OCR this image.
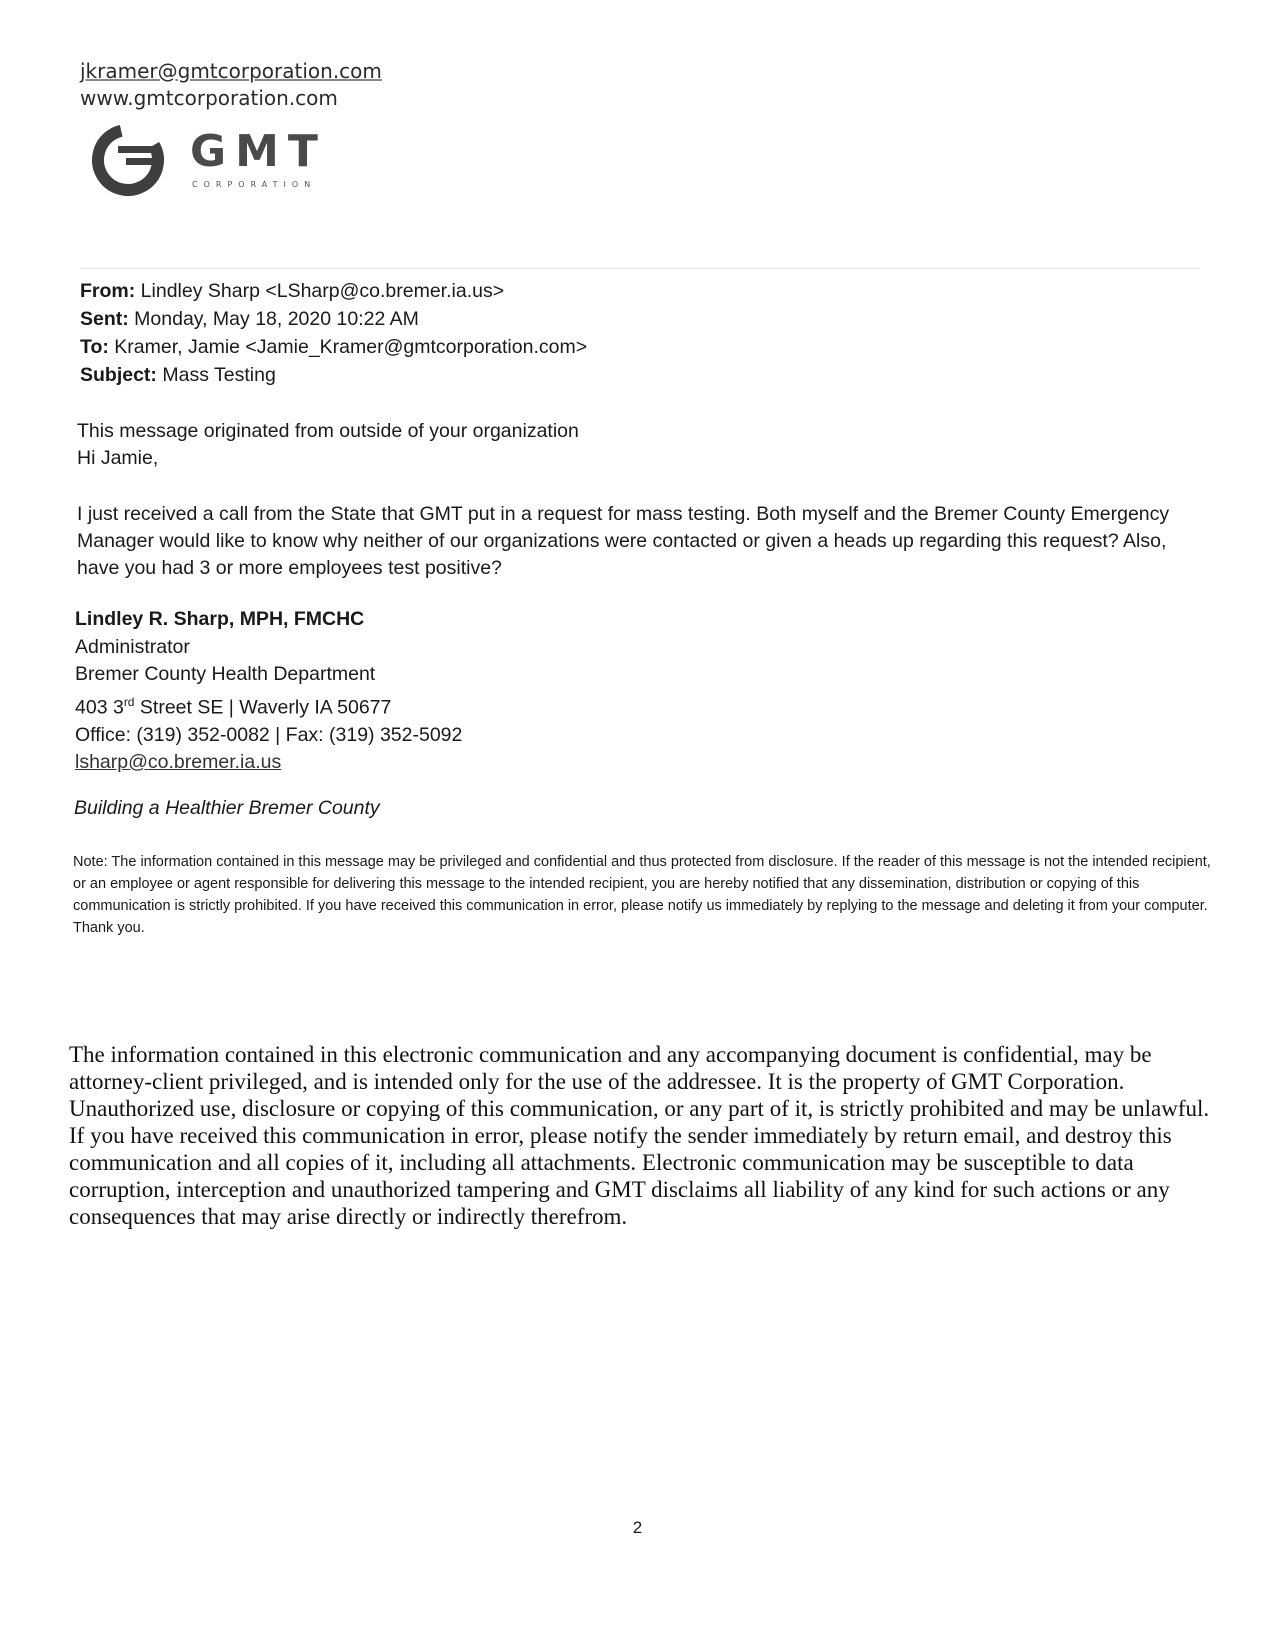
jkramer@gmtcorporation.com
www.gmtcorporation.com
GMT
CORPORATION
From: Lindley Sharp <LSharp@co.bremer.ia.us>
Sent: Monday, May 18, 2020 10:22 AM
To: Kramer, Jamie <Jamie_Kramer@gmtcorporation.com>
Subject: Mass Testing
This message originated from outside of your organization
Hi Jamie,
I just received a call from the State that GMT put in a request for mass testing. Both myself and the Bremer County Emergency Manager would like to know why neither of our organizations were contacted or given a heads up regarding this request? Also, have you had 3 or more employees test positive?
Lindley R. Sharp, MPH, FMCHC
Administrator
Bremer County Health Department
403 3rd Street SE | Waverly IA 50677
Office: (319) 352-0082 | Fax: (319) 352-5092
lsharp@co.bremer.ia.us
Building a Healthier Bremer County
Note: The information contained in this message may be privileged and confidential and thus protected from disclosure. If the reader of this message is not the intended recipient, or an employee or agent responsible for delivering this message to the intended recipient, you are hereby notified that any dissemination, distribution or copying of this communication is strictly prohibited. If you have received this communication in error, please notify us immediately by replying to the message and deleting it from your computer. Thank you.
The information contained in this electronic communication and any accompanying document is confidential, may be attorney-client privileged, and is intended only for the use of the addressee. It is the property of GMT Corporation. Unauthorized use, disclosure or copying of this communication, or any part of it, is strictly prohibited and may be unlawful. If you have received this communication in error, please notify the sender immediately by return email, and destroy this communication and all copies of it, including all attachments. Electronic communication may be susceptible to data corruption, interception and unauthorized tampering and GMT disclaims all liability of any kind for such actions or any consequences that may arise directly or indirectly therefrom.
2
